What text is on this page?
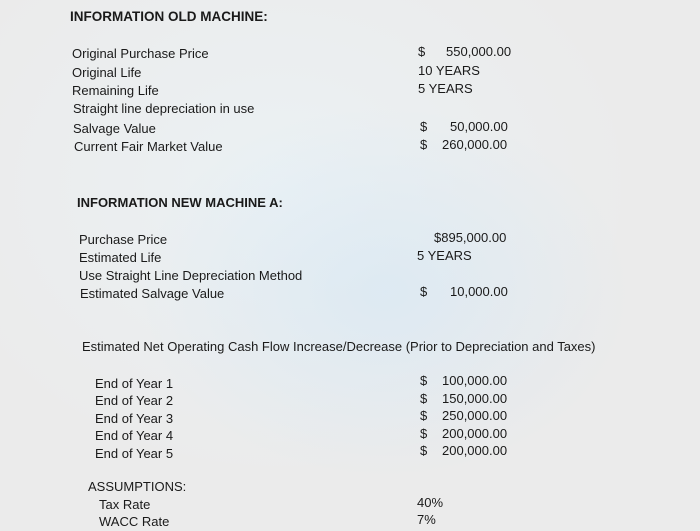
INFORMATION OLD MACHINE:
Original Purchase Price	$ 550,000.00
Original Life	10 YEARS
Remaining Life	5 YEARS
Straight line depreciation in use
Salvage Value	$ 50,000.00
Current Fair Market Value	$ 260,000.00
INFORMATION NEW MACHINE A:
Purchase Price	$895,000.00
Estimated Life	5 YEARS
Use Straight Line Depreciation Method
Estimated Salvage Value	$ 10,000.00
Estimated Net Operating Cash Flow Increase/Decrease (Prior to Depreciation and Taxes)
End of Year 1	$ 100,000.00
End of Year 2	$ 150,000.00
End of Year 3	$ 250,000.00
End of Year 4	$ 200,000.00
End of Year 5	$ 200,000.00
ASSUMPTIONS:
Tax Rate	40%
WACC Rate	7%
